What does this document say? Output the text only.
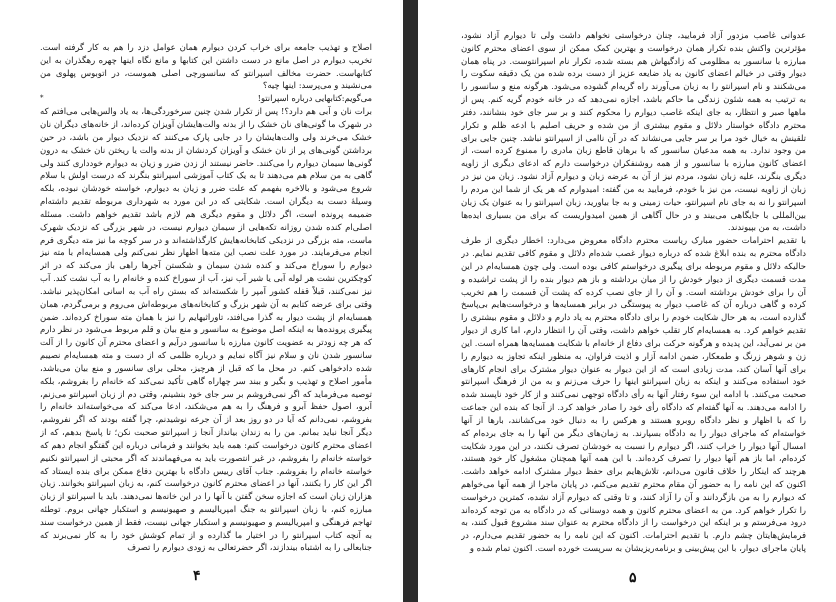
اصلاح و تهذیب جامعه برای خراب کردن دیوارم همان عوامل دزد را هم به کار گرفته است. تخریب دیوارم در اصل مانع در دست داشتن این کتابها و مانع نگاه اینها چهره رهگذران به این کتابهاست. حضرت مخالف اسپرانتو که سانسورچی اصلی هموست، در اتوبوس پهلوی من می‌نشیند و می‌پرسد: اینها چیه؟

می‌گویم:کتابهایی درباره اسپرانتو!
*

برات نان و آبی هم دارد؟! پس از تکرار شدن چنین سرخوردگی‌ها، به یاد والس‌هایی می‌افتم که در شهرک ما گونی‌های نان خشک را از بدنه والت‌هایشان آویزان کرده‌اند، از خانه‌های دیگران نان خشک می‌خرند ولی والت‌هایشان را در جایی پارک می‌کنند که نزدیک دیوار من باشد، در حین برداشتن گونی‌های پر از نان خشک و آویزان کردنشان از بدنه والت یا ریختن نان خشک به درون گونی‌ها سیمان دیوارم را می‌کنند. حاضر نیستند از زدن ضرر و زیان به دیوارم خودداری کنند ولی گاهی به من سلام هم می‌دهند تا به یک کتاب آموزشی اسپرانتو بنگرند که درست اولش با سلام شروع می‌شود و بالاخره بفهمم که علت ضرر و زیان به دیوارم، خواسته خودشان نبوده، بلکه وسیلۀ دست به دیگران است. شکایتی که در این مورد به شهرداری مربوطه تقدیم داشته‌ام ضمیمه پرونده است، اگر دلائل و مقوم دیگری هم لازم باشد تقدیم خواهم داشت. مسئله اصلی‌ام کنده شدن روزانه تکه‌هایی از سیمان دیوارم نیست، در شهر بزرگی که نزدیک شهرک ماست، مته بزرگی در نزدیکی کتابخانه‌هایش کارگذاشته‌اند و در سر کوچه ما نیز مته دیگری فرم انجام می‌فرمایند. در مورد علت نصب این مته‌ها اظهار نظر نمی‌کنم ولی همسایه‌ام با مته نیز دیوارم را سوراخ می‌کند و کنده شدن سیمان و شکستن آجرها راهی باز می‌کند که در اثر کوچکترین نشت هر لوله آبی یا شیر آب نیز، آب از سوراخ کنده و خانه‌ام را به آب نشت کند. آب نیز نمی‌کنند، قبلاً قفله کشور آمپر را شکسته‌اند که بستن راه آب به اسانی امکان‌پذیر نباشد. وقتی برای عرضه کتابم به آن شهر بزرگ و کتابخانه‌های مربوطه‌اش می‌روم و برمی‌گردم، همان همسایه‌ام از پشت دیوار به گذرا می‌افتد، تاوراثیهایم را نیز با همان مته سوراخ کرده‌اند. ضمن پیگیری پرونده‌ها به اینکه اصل موضوع به سانسور و منع بیان و قلم مربوط می‌شود در نظر دارم که هر چه زودتر به عضویت کانون مبارزه با سانسور درآیم و اعضای محترم آن کانون را از آلت سانسور شدن نان و سلام نیز آگاه نمایم و درباره ظلمی که از دست و مته همسایه‌ام نصیبم شده دادخواهی کنم. در محل ما که قبل از هرچیز، محلی برای سانسور و منع بیان می‌باشد، مأمور اصلاح و تهذیب و بگیر و ببند سر چهاراه گاهی تأکید نمی‌کند که خانه‌ام را بفروشم، بلکه توصیه می‌فرماید که اگر نمی‌فروشم بر سر جای خود بنشینم، وقتی دم از زبان اسپرانتو می‌زنم، آبرو، اصول حفظ آبرو و فرهنگ را به هم می‌شکند، ادعا می‌کند که می‌خواسته‌اند خانه‌ام را بفروشم، نمی‌دانم که آیا در دو روز بعد از آن جرعه نوشیدنم، چرا گفته بودند که اگر نفروشم، دیگر آنجا نباید بمانم. من را به زندان بیانداز آنجا ز اسپرانتو صحبت نکن؛ تا پاسخ بدهم، که از اعضای محترم کانون درخواست کنم: همه باید بخوانند و فرمانی درباره این گفتگو انجام دهم که خواسته خانه‌ام را بفروشم، در غیر انتصورت باید به می‌فهماندند که اگر محبتی از اسپرانتو نکنیم خواسته خانه‌ام را بفروشم. جناب آقای رییس دادگاه با بهترین دفاع ممکن برای بنده ایستاد که اگر این کار را بکنند، آنها در اعضای محترم کانون درخواست کنم، به زبان اسپرانتو بخوانند. زبان هزاران زبان است که اجازه سخن گفتن با آنها را در این خانه‌ها نمی‌دهند. باید با اسپرانتو از زبان مبارزه کنم، با زبان اسپرانتو به جنگ امپریالیسم و صهیونیسم و استکبار جهانی بروم. توطئه تهاجم فرهنگی و امپریالیسم و صهیونیسم و استکبار جهانی نیست، فقط از همین درخواست سند به آنچه کتاب اسپرانتو را در اختیار ما گذارده و از تمام کوشش خود را به کار نمی‌برند که جنابعالی را به اشتباه بیندازند، اگر حضرتعالی به زودی دیوارم را تصرف

۴

عدوانی غاصب مزدور آزاد فرمایید، چنان درخواستی نخواهم داشت ولی تا دیوارم آزاد نشود، مؤثرترین واکنش بنده تکرار همان درخواست و بهترین کمک ممکن از سوی اعضای محترم کانون مبارزه با سانسور به مظلومی که زادگیهاش هم بسته شده، تکرار نام اسپرانتوست. در پناه همان دیوار وقتی در خیالم اعضای کانون به یاد ضایعه عزیز از دست برده شده من یک دقیقه سکوت را می‌شکنند و نام اسپرانتو را به زبان می‌آورند راه گریه‌ام گشوده می‌شود. هرگونه منع و سانسور را به ترتیب به همه شئون زندگی ما حاکم باشد، اجازه نمی‌دهد که در خانه خودم گریه کنم. پس از ماهها صبر و انتظار، به جای اینکه غاصب دیوارم را محکوم کنند و بر سر جای خود بنشانند، دفتر محترم دادگاه خواستار دلائل و مقوم بیشتری از من شده و حریف اصلیم با ادعه ظلم و تکرار تلقینش به خیال خود مرا بر سر جایی می‌نشاند که در آن ناامی از اسپرانتو نباشد. چنین جایی برای من وجود ندارد. به همه مدعیان سانسور که با برهان قاطع زبان مادری را ممنوع کرده است، از اعضای کانون مبارزه با سانسور و از همه روشنفکران درخواست دارم که ادعای دیگری از زاویه دیگری بنگرند، علیه زبان نشود، مردم نیز از آن به عرضه زبان و دیوارم آزاد نشود. زبان من نیز در زبان از زاویه نیست، من نیز با خودم، فرمایید به من گفته: امیدوارم که هر یک از شما این مردم را اسپرانتو را نه به جای نام اسپرانتو، حیات زمینی و به جا بیاورید، زبان اسپرانتو را به عنوان یک زبان بین‌المللی با جایگاهی می‌بیند و در حال آگاهی از همین امیدواریست که برای من بسیاری ایده‌ها داشت، به من بپیوندند.

با تقدیم احترامات حضور مبارک ریاست محترم دادگاه معروض می‌دارد: اخطار دیگری از طرف دادگاه محترم به بنده ابلاغ شده که درباره دیوار غصب شده‌ام دلائل و مقوم کافی تقدیم نمایم. در حالیکه دلائل و مقوم مربوطه برای پیگیری درخواستم کافی بوده است. ولی چون همسایه‌ام در این مدت قسمت دیگری از دیوار خودش را از میان برداشته و باز هم دیوار بنده را از پشت تراشیده و آن را برای خودش برداشته است. و آن را از جای نصب کرده که پشت آن قسمت را هم تخریب کرده و گاهی درباره آن که غاصب دیوار به پیوستگی در برابر همسایه‌ها و درخواست‌هایم بی‌پاسخ گذارده است، به هر حال شکایت خودم را برای دادگاه محترم به یاد دارم و دلائل و مقوم بیشتری را تقدیم خواهم کرد. به همسایه‌ام کار تقلب خواهم داشت، وقتی آن را انتظار دارم، اما کاری از دیوار من بر نمی‌آید، این پدیده و هرگونه حرکت برای دفاع از خانه‌ام با شکایت همسایه‌ها همراه است. این زن و شوهر زرنگ و طمعکار، ضمن ادامه آزار و اذیت فراوان، به منظور اینکه تجاوز به دیوارم را برای آنها آسان کند، مدت زیادی است که از این دیوار به عنوان دیوار مشترک برای انجام کارهای خود استفاده می‌کنند و اینکه به زبان اسپرانتو اینها را حرف می‌زنم و به من از فرهنگ اسپرانتو صحبت می‌کنند. با ادامه این سوء رفتار آنها به رأی دادگاه توجهی نمی‌کنند و از کار خود ناپسند شده را ادامه می‌دهند. به آنها گفته‌ام که دادگاه رأی خود را صادر خواهد کرد. از آنجا که بنده این جماعت را که با اظهار و نظر دادگاه روبرو هستند و هرکس را به دنبال خود می‌کشانند، بارها از آنها خواسته‌ام که ماجرای دیوار را به دادگاه بسپارند. به زمان‌های دیگر من آنها را به جای برده‌ام که امسال آنها دیوار را خراب کنند، اگر دیوارم را نسبت به خودشان تصرف نکنند، در این مورد شکایت کرده‌ام، اما باز هم آنها دیوار را تصرف کرده‌اند. با این همه آنها همچنان مشغول کار خود هستند، هرچند که اینکار را خلاف قانون می‌دانم، تلاش‌هایم برای حفظ دیوار مشترک ادامه خواهد داشت. اکنون که این نامه را به حضور آن مقام محترم تقدیم می‌کنم، در پایان ماجرا از همه آنها می‌خواهم که دیوارم را به من بازگردانند و آن را آزاد کنند، و تا وقتی که دیوارم آزاد نشده، کمترین درخواست را تکرار خواهم کرد. من به اعضای محترم کانون و همه دوستانی که در دادگاه به من توجه کرده‌اند درود می‌فرستم و بر اینکه این درخواست را از دادگاه محترم به عنوان سند مشروع قبول کنند، به فرمایش‌هایتان چشم دارم. با تقدیم احترامات. اکنون که این نامه را به حضور تقدیم می‌دارم، در پایان ماجرای دیوار، با این پیش‌بینی و برنامه‌ریزیشان به سرپست خورده است. اکنون تمام شده و

۵
